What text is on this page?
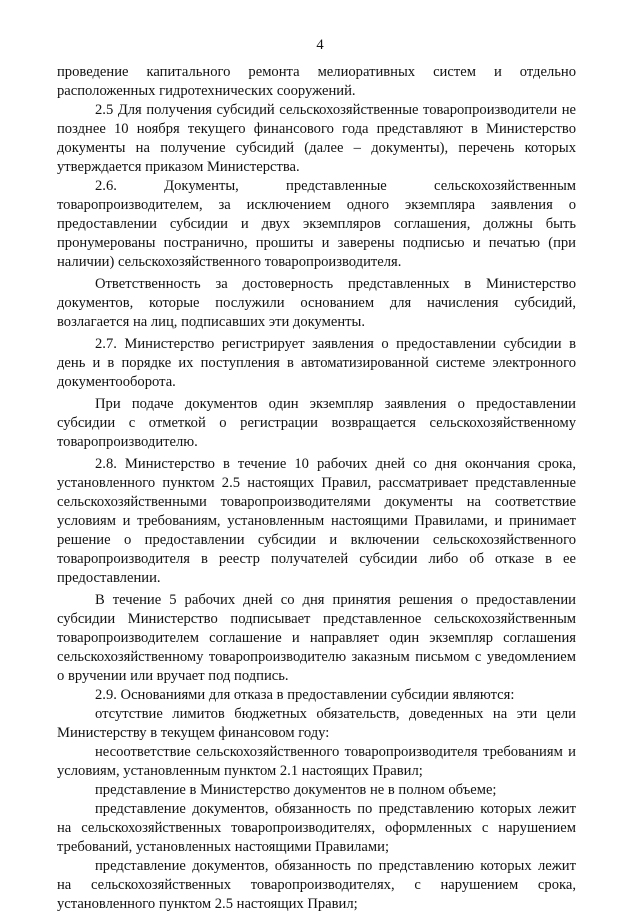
4

проведение капитального ремонта мелиоративных систем и отдельно расположенных гидротехнических сооружений.

2.5 Для получения субсидий сельскохозяйственные товаропроизводители не позднее 10 ноября текущего финансового года представляют в Министерство документы на получение субсидий (далее – документы), перечень которых утверждается приказом Министерства.

2.6. Документы, представленные сельскохозяйственным товаропроизводителем, за исключением одного экземпляра заявления о предоставлении субсидии и двух экземпляров соглашения, должны быть пронумерованы постранично, прошиты и заверены подписью и печатью (при наличии) сельскохозяйственного товаропроизводителя.

Ответственность за достоверность представленных в Министерство документов, которые послужили основанием для начисления субсидий, возлагается на лиц, подписавших эти документы.

2.7. Министерство регистрирует заявления о предоставлении субсидии в день и в порядке их поступления в автоматизированной системе электронного документооборота.

При подаче документов один экземпляр заявления о предоставлении субсидии с отметкой о регистрации возвращается сельскохозяйственному товаропроизводителю.

2.8. Министерство в течение 10 рабочих дней со дня окончания срока, установленного пунктом 2.5 настоящих Правил, рассматривает представленные сельскохозяйственными товаропроизводителями документы на соответствие условиям и требованиям, установленным настоящими Правилами, и принимает решение о предоставлении субсидии и включении сельскохозяйственного товаропроизводителя в реестр получателей субсидии либо об отказе в ее предоставлении.

В течение 5 рабочих дней со дня принятия решения о предоставлении субсидии Министерство подписывает представленное сельскохозяйственным товаропроизводителем соглашение и направляет один экземпляр соглашения сельскохозяйственному товаропроизводителю заказным письмом с уведомлением о вручении или вручает под подпись.

2.9. Основаниями для отказа в предоставлении субсидии являются:

отсутствие лимитов бюджетных обязательств, доведенных на эти цели Министерству в текущем финансовом году:

несоответствие сельскохозяйственного товаропроизводителя требованиям и условиям, установленным пунктом 2.1 настоящих Правил;

представление в Министерство документов не в полном объеме;

представление документов, обязанность по представлению которых лежит на сельскохозяйственных товаропроизводителях, оформленных с нарушением требований, установленных настоящими Правилами;

представление документов, обязанность по представлению которых лежит на сельскохозяйственных товаропроизводителях, с нарушением срока, установленного пунктом 2.5 настоящих Правил;
